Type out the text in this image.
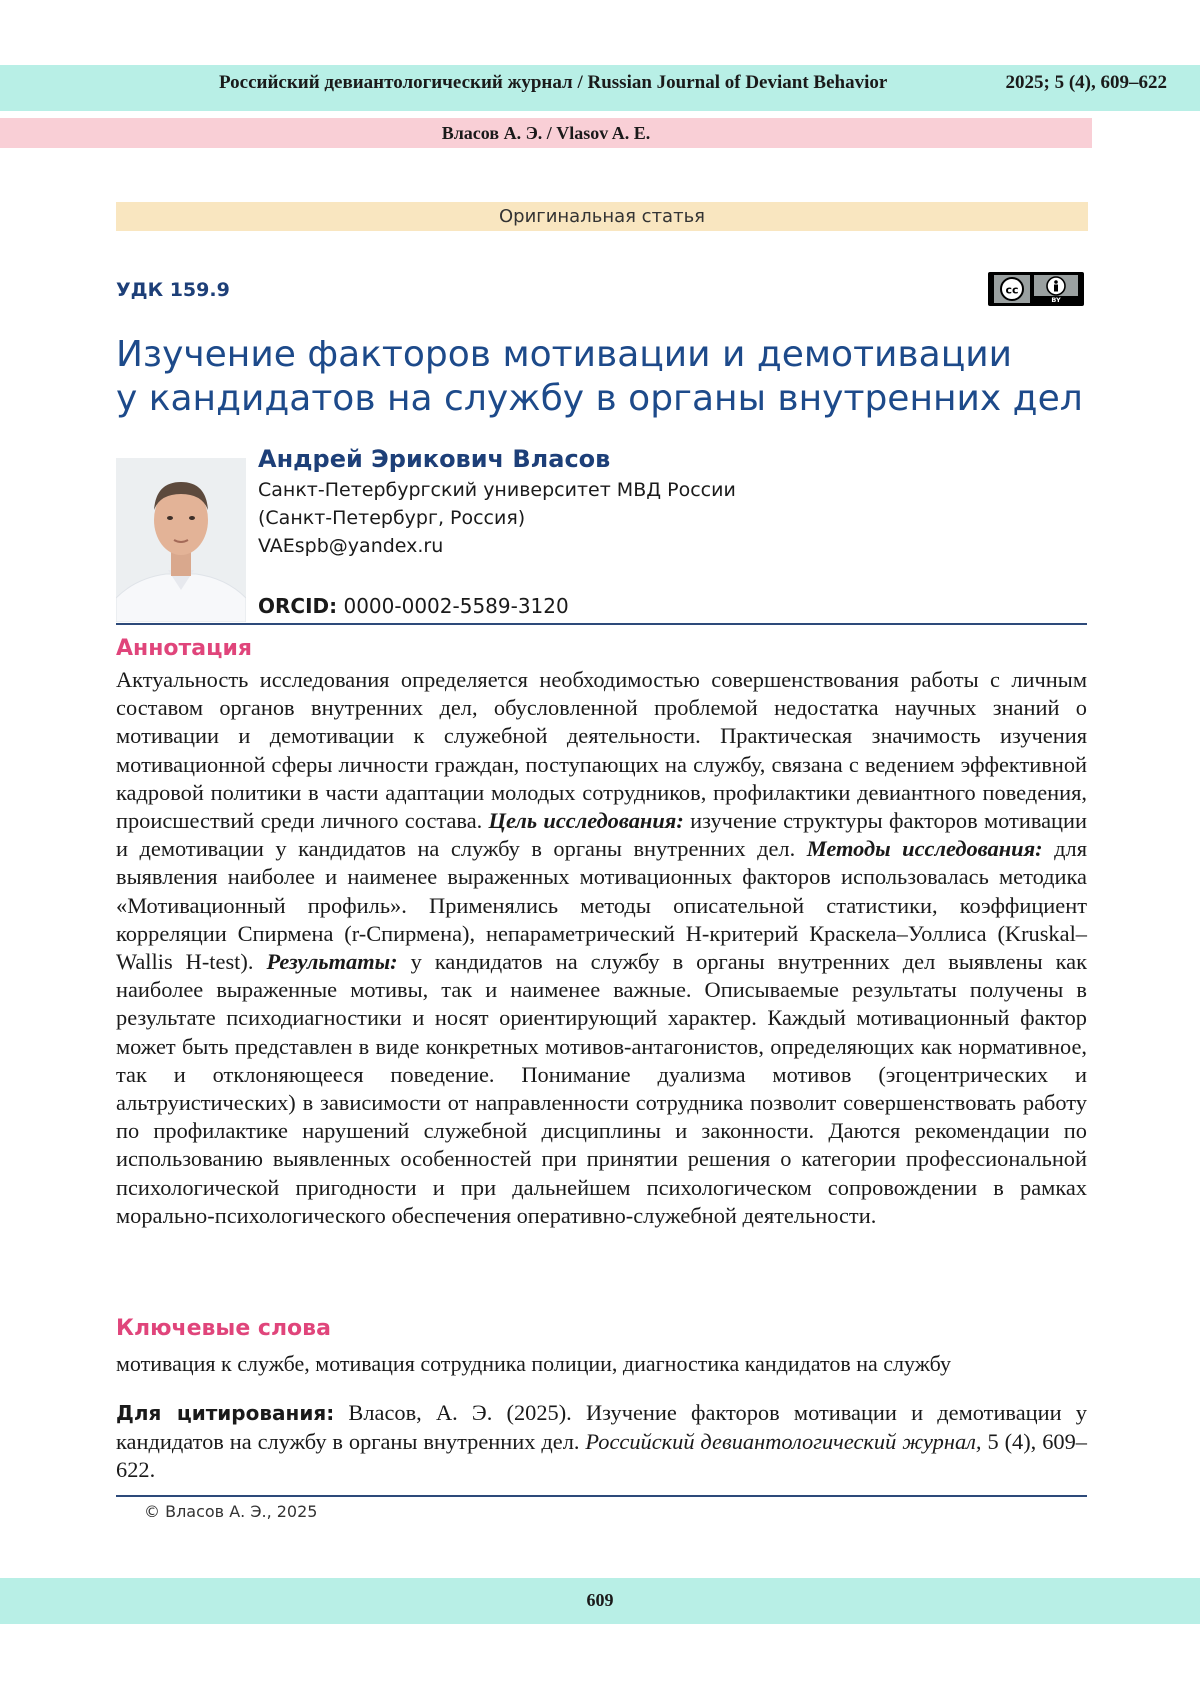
Российский девиантологический журнал / Russian Journal of Deviant Behavior	2025; 5 (4), 609–622
Власов А. Э. / Vlasov A. E.
Оригинальная статья
УДК 159.9	cc
BY
Изучение факторов мотивации и демотивации
у кандидатов на службу в органы внутренних дел
Андрей Эрикович Власов
Санкт-Петербургский университет МВД России
(Санкт-Петербург, Россия)
VAEspb@yandex.ru
ORCID: 0000-0002-5589-3120
Аннотация

Актуальность исследования определяется необходимостью совершенствования работы с личным составом органов внутренних дел, обусловленной проблемой недостатка научных знаний о мотивации и демотивации к служебной деятельности. Практическая значимость изучения мотивационной сферы личности граждан, поступающих на службу, связана с ведением эффективной кадровой политики в части адаптации молодых сотрудников, профилактики девиантного поведения, происшествий среди личного состава. Цель исследования: изучение структуры факторов мотивации и демотивации у кандидатов на службу в органы внутренних дел. Методы исследования: для выявления наиболее и наименее выраженных мотивационных факторов использовалась методика «Мотивационный профиль». Применялись методы описательной статистики, коэффициент корреляции Спирмена (r-Спирмена), непараметрический H-критерий Краскела–Уоллиса (Kruskal–Wallis H-test). Результаты: у кандидатов на службу в органы внутренних дел выявлены как наиболее выраженные мотивы, так и наименее важные. Описываемые результаты получены в результате психодиагностики и носят ориентирующий характер. Каждый мотивационный фактор может быть представлен в виде конкретных мотивов-антагонистов, определяющих как нормативное, так и отклоняющееся поведение. Понимание дуализма мотивов (эгоцентрических и альтруистических) в зависимости от направленности сотрудника позволит совершенствовать работу по профилактике нарушений служебной дисциплины и законности. Даются рекомендации по использованию выявленных особенностей при принятии решения о категории профессиональной психологической пригодности и при дальнейшем психологическом сопровождении в рамках морально-психологического обеспечения оперативно-служебной деятельности.

Ключевые слова
мотивация к службе, мотивация сотрудника полиции, диагностика кандидатов на службу

Для цитирования: Власов, А. Э. (2025). Изучение факторов мотивации и демотивации у кандидатов на службу в органы внутренних дел. Российский девиантологический журнал, 5 (4), 609–622.

© Власов А. Э., 2025
609
